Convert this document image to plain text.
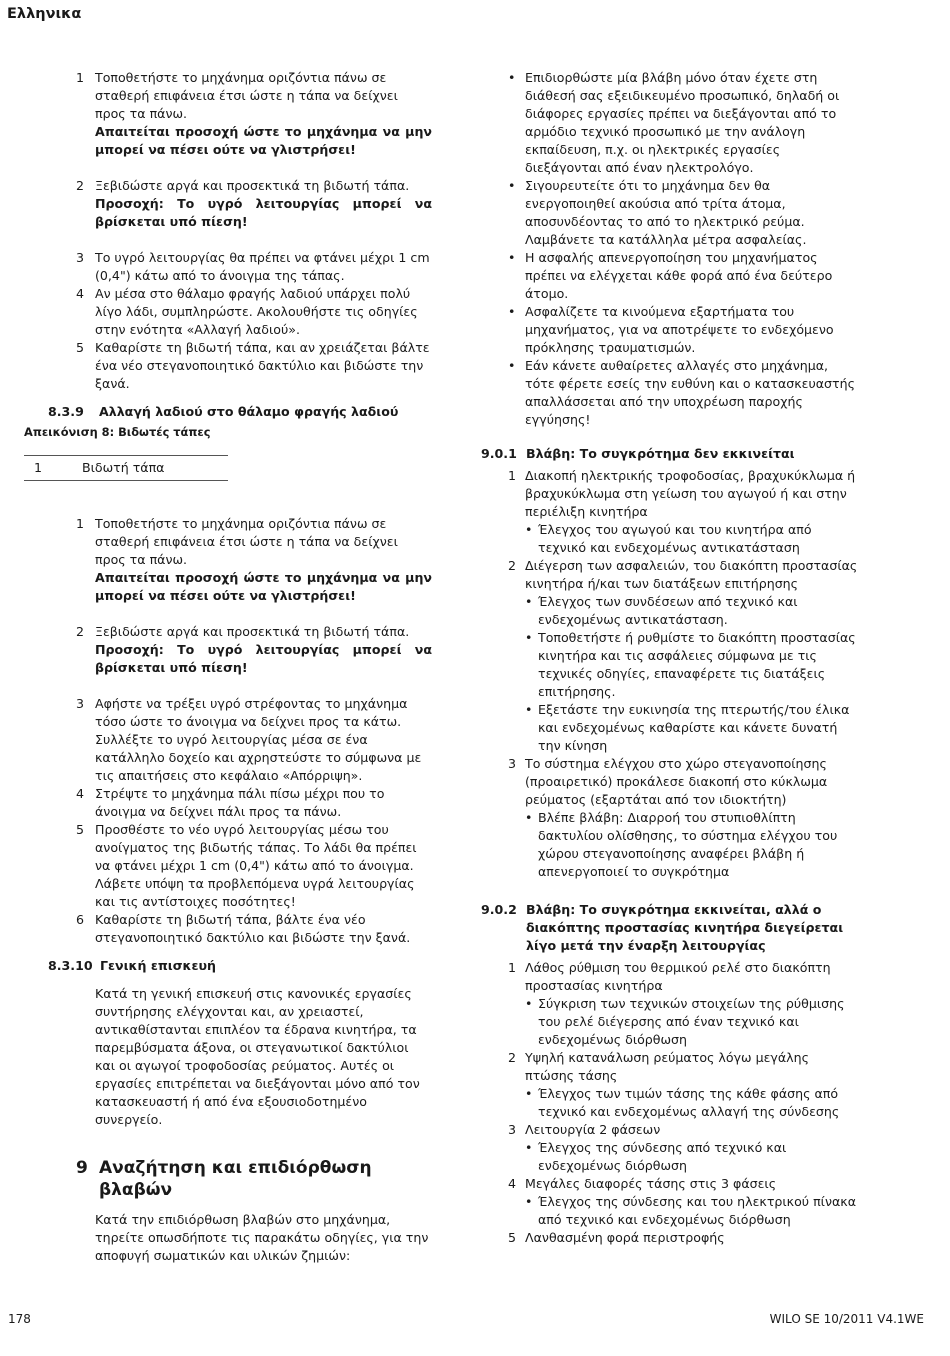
Ελληνικα
1 Τοποθετήστε το μηχάνημα οριζόντια πάνω σε σταθερή επιφάνεια έτσι ώστε η τάπα να δείχνει προς τα πάνω.
Απαιτείται προσοχή ώστε το μηχάνημα να μην μπορεί να πέσει ούτε να γλιστρήσει!
2 Ξεβιδώστε αργά και προσεκτικά τη βιδωτή τάπα.
Προσοχή: Το υγρό λειτουργίας μπορεί να βρίσκεται υπό πίεση!
3 Το υγρό λειτουργίας θα πρέπει να φτάνει μέχρι 1 cm (0,4") κάτω από το άνοιγμα της τάπας.
4 Αν μέσα στο θάλαμο φραγής λαδιού υπάρχει πολύ λίγο λάδι, συμπληρώστε. Ακολουθήστε τις οδηγίες στην ενότητα «Αλλαγή λαδιού».
5 Καθαρίστε τη βιδωτή τάπα, και αν χρειάζεται βάλτε ένα νέο στεγανοποιητικό δακτύλιο και βιδώστε την ξανά.
8.3.9	Αλλαγή λαδιού στο θάλαμο φραγής λαδιού
Απεικόνιση 8: Βιδωτές τάπες
1	Βιδωτή τάπα
1 Τοποθετήστε το μηχάνημα οριζόντια πάνω σε σταθερή επιφάνεια έτσι ώστε η τάπα να δείχνει προς τα πάνω.
Απαιτείται προσοχή ώστε το μηχάνημα να μην μπορεί να πέσει ούτε να γλιστρήσει!
2 Ξεβιδώστε αργά και προσεκτικά τη βιδωτή τάπα.
Προσοχή: Το υγρό λειτουργίας μπορεί να βρίσκεται υπό πίεση!
3 Αφήστε να τρέξει υγρό στρέφοντας το μηχάνημα τόσο ώστε το άνοιγμα να δείχνει προς τα κάτω. Συλλέξτε το υγρό λειτουργίας μέσα σε ένα κατάλληλο δοχείο και αχρηστεύστε το σύμφωνα με τις απαιτήσεις στο κεφάλαιο «Απόρριψη».
4 Στρέψτε το μηχάνημα πάλι πίσω μέχρι που το άνοιγμα να δείχνει πάλι προς τα πάνω.
5 Προσθέστε το νέο υγρό λειτουργίας μέσω του ανοίγματος της βιδωτής τάπας. Το λάδι θα πρέπει να φτάνει μέχρι 1 cm (0,4") κάτω από το άνοιγμα. Λάβετε υπόψη τα προβλεπόμενα υγρά λειτουργίας και τις αντίστοιχες ποσότητες!
6 Καθαρίστε τη βιδωτή τάπα, βάλτε ένα νέο στεγανοποιητικό δακτύλιο και βιδώστε την ξανά.
8.3.10 Γενική επισκευή
Κατά τη γενική επισκευή στις κανονικές εργασίες συντήρησης ελέγχονται και, αν χρειαστεί, αντικαθίστανται επιπλέον τα έδρανα κινητήρα, τα παρεμβύσματα άξονα, οι στεγανωτικοί δακτύλιοι και οι αγωγοί τροφοδοσίας ρεύματος. Αυτές οι εργασίες επιτρέπεται να διεξάγονται μόνο από τον κατασκευαστή ή από ένα εξουσιοδοτημένο συνεργείο.
9 Αναζήτηση και επιδιόρθωση βλαβών
Κατά την επιδιόρθωση βλαβών στο μηχάνημα, τηρείτε οπωσδήποτε τις παρακάτω οδηγίες, για την αποφυγή σωματικών και υλικών ζημιών:
• Επιδιορθώστε μία βλάβη μόνο όταν έχετε στη διάθεσή σας εξειδικευμένο προσωπικό, δηλαδή οι διάφορες εργασίες πρέπει να διεξάγονται από το αρμόδιο τεχνικό προσωπικό με την ανάλογη εκπαίδευση, π.χ. οι ηλεκτρικές εργασίες διεξάγονται από έναν ηλεκτρολόγο.
• Σιγουρευτείτε ότι το μηχάνημα δεν θα ενεργοποιηθεί ακούσια από τρίτα άτομα, αποσυνδέοντας το από το ηλεκτρικό ρεύμα. Λαμβάνετε τα κατάλληλα μέτρα ασφαλείας.
• Η ασφαλής απενεργοποίηση του μηχανήματος πρέπει να ελέγχεται κάθε φορά από ένα δεύτερο άτομο.
• Ασφαλίζετε τα κινούμενα εξαρτήματα του μηχανήματος, για να αποτρέψετε το ενδεχόμενο πρόκλησης τραυματισμών.
• Εάν κάνετε αυθαίρετες αλλαγές στο μηχάνημα, τότε φέρετε εσείς την ευθύνη και ο κατασκευαστής απαλλάσσεται από την υποχρέωση παροχής εγγύησης!
9.0.1 Βλάβη: Το συγκρότημα δεν εκκινείται
1 Διακοπή ηλεκτρικής τροφοδοσίας, βραχυκύκλωμα ή βραχυκύκλωμα στη γείωση του αγωγού ή και στην περιέλιξη κινητήρα
• Έλεγχος του αγωγού και του κινητήρα από τεχνικό και ενδεχομένως αντικατάσταση
2 Διέγερση των ασφαλειών, του διακόπτη προστασίας κινητήρα ή/και των διατάξεων επιτήρησης
• Έλεγχος των συνδέσεων από τεχνικό και ενδεχομένως αντικατάσταση.
• Τοποθετήστε ή ρυθμίστε το διακόπτη προστασίας κινητήρα και τις ασφάλειες σύμφωνα με τις τεχνικές οδηγίες, επαναφέρετε τις διατάξεις επιτήρησης.
• Εξετάστε την ευκινησία της πτερωτής/του έλικα και ενδεχομένως καθαρίστε και κάνετε δυνατή την κίνηση
3 Το σύστημα ελέγχου στο χώρο στεγανοποίησης (προαιρετικό) προκάλεσε διακοπή στο κύκλωμα ρεύματος (εξαρτάται από τον ιδιοκτήτη)
• Βλέπε βλάβη: Διαρροή του στυπιοθλίπτη δακτυλίου ολίσθησης, το σύστημα ελέγχου του χώρου στεγανοποίησης αναφέρει βλάβη ή απενεργοποιεί το συγκρότημα
9.0.2 Βλάβη: Το συγκρότημα εκκινείται, αλλά ο διακόπτης προστασίας κινητήρα διεγείρεται λίγο μετά την έναρξη λειτουργίας
1 Λάθος ρύθμιση του θερμικού ρελέ στο διακόπτη προστασίας κινητήρα
• Σύγκριση των τεχνικών στοιχείων της ρύθμισης του ρελέ διέγερσης από έναν τεχνικό και ενδεχομένως διόρθωση
2 Υψηλή κατανάλωση ρεύματος λόγω μεγάλης πτώσης τάσης
• Έλεγχος των τιμών τάσης της κάθε φάσης από τεχνικό και ενδεχομένως αλλαγή της σύνδεσης
3 Λειτουργία 2 φάσεων
• Έλεγχος της σύνδεσης από τεχνικό και ενδεχομένως διόρθωση
4 Μεγάλες διαφορές τάσης στις 3 φάσεις
• Έλεγχος της σύνδεσης και του ηλεκτρικού πίνακα από τεχνικό και ενδεχομένως διόρθωση
5 Λανθασμένη φορά περιστροφής
178	WILO SE 10/2011 V4.1WE
